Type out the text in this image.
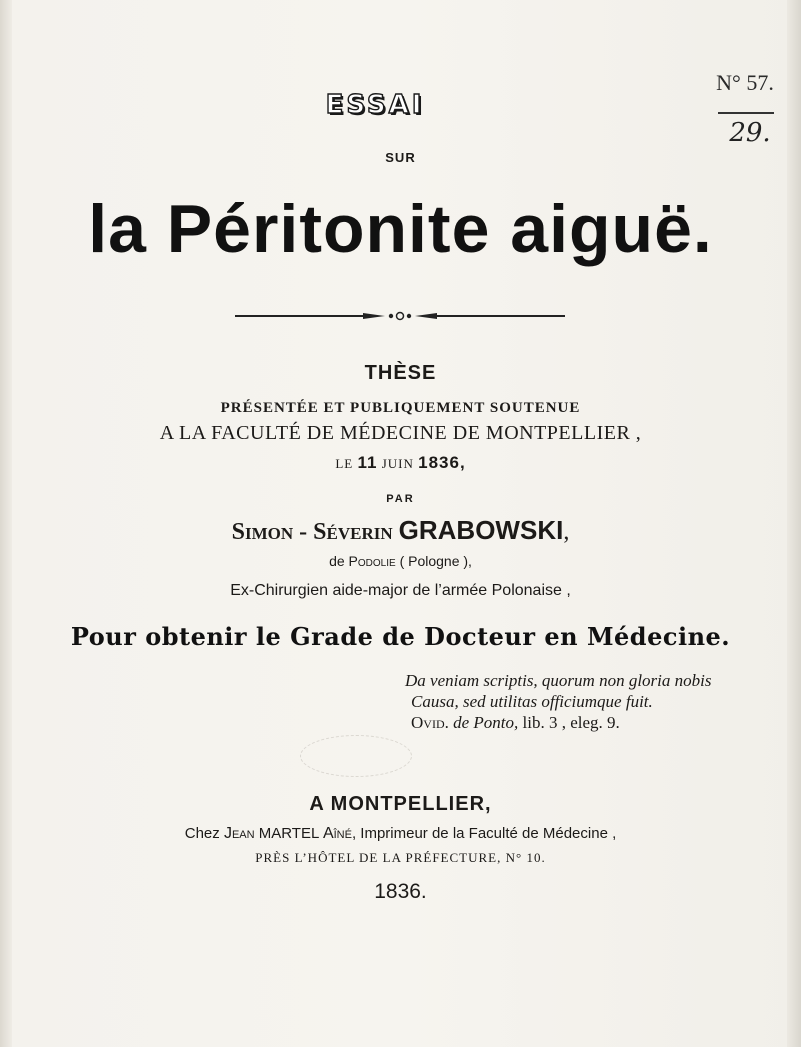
ESSAI
N° 57.
29.
SUR
la Péritonite aiguë.
THÈSE
PRÉSENTÉE ET PUBLIQUEMENT SOUTENUE
A LA FACULTÉ DE MÉDECINE DE MONTPELLIER ,
LE 11 JUIN 1836,
PAR
Simon - Séverin GRABOWSKI,
de Podolie ( Pologne ),
Ex-Chirurgien aide-major de l’armée Polonaise ,
Pour obtenir le Grade de Docteur en Médecine.
Da veniam scriptis, quorum non gloria nobis
Causa, sed utilitas officiumque fuit.
Ovid. de Ponto, lib. 3 , eleg. 9.
A MONTPELLIER,
Chez Jean MARTEL Aîné, Imprimeur de la Faculté de Médecine ,
PRÈS L’HÔTEL DE LA PRÉFECTURE, N° 10.
1836.
